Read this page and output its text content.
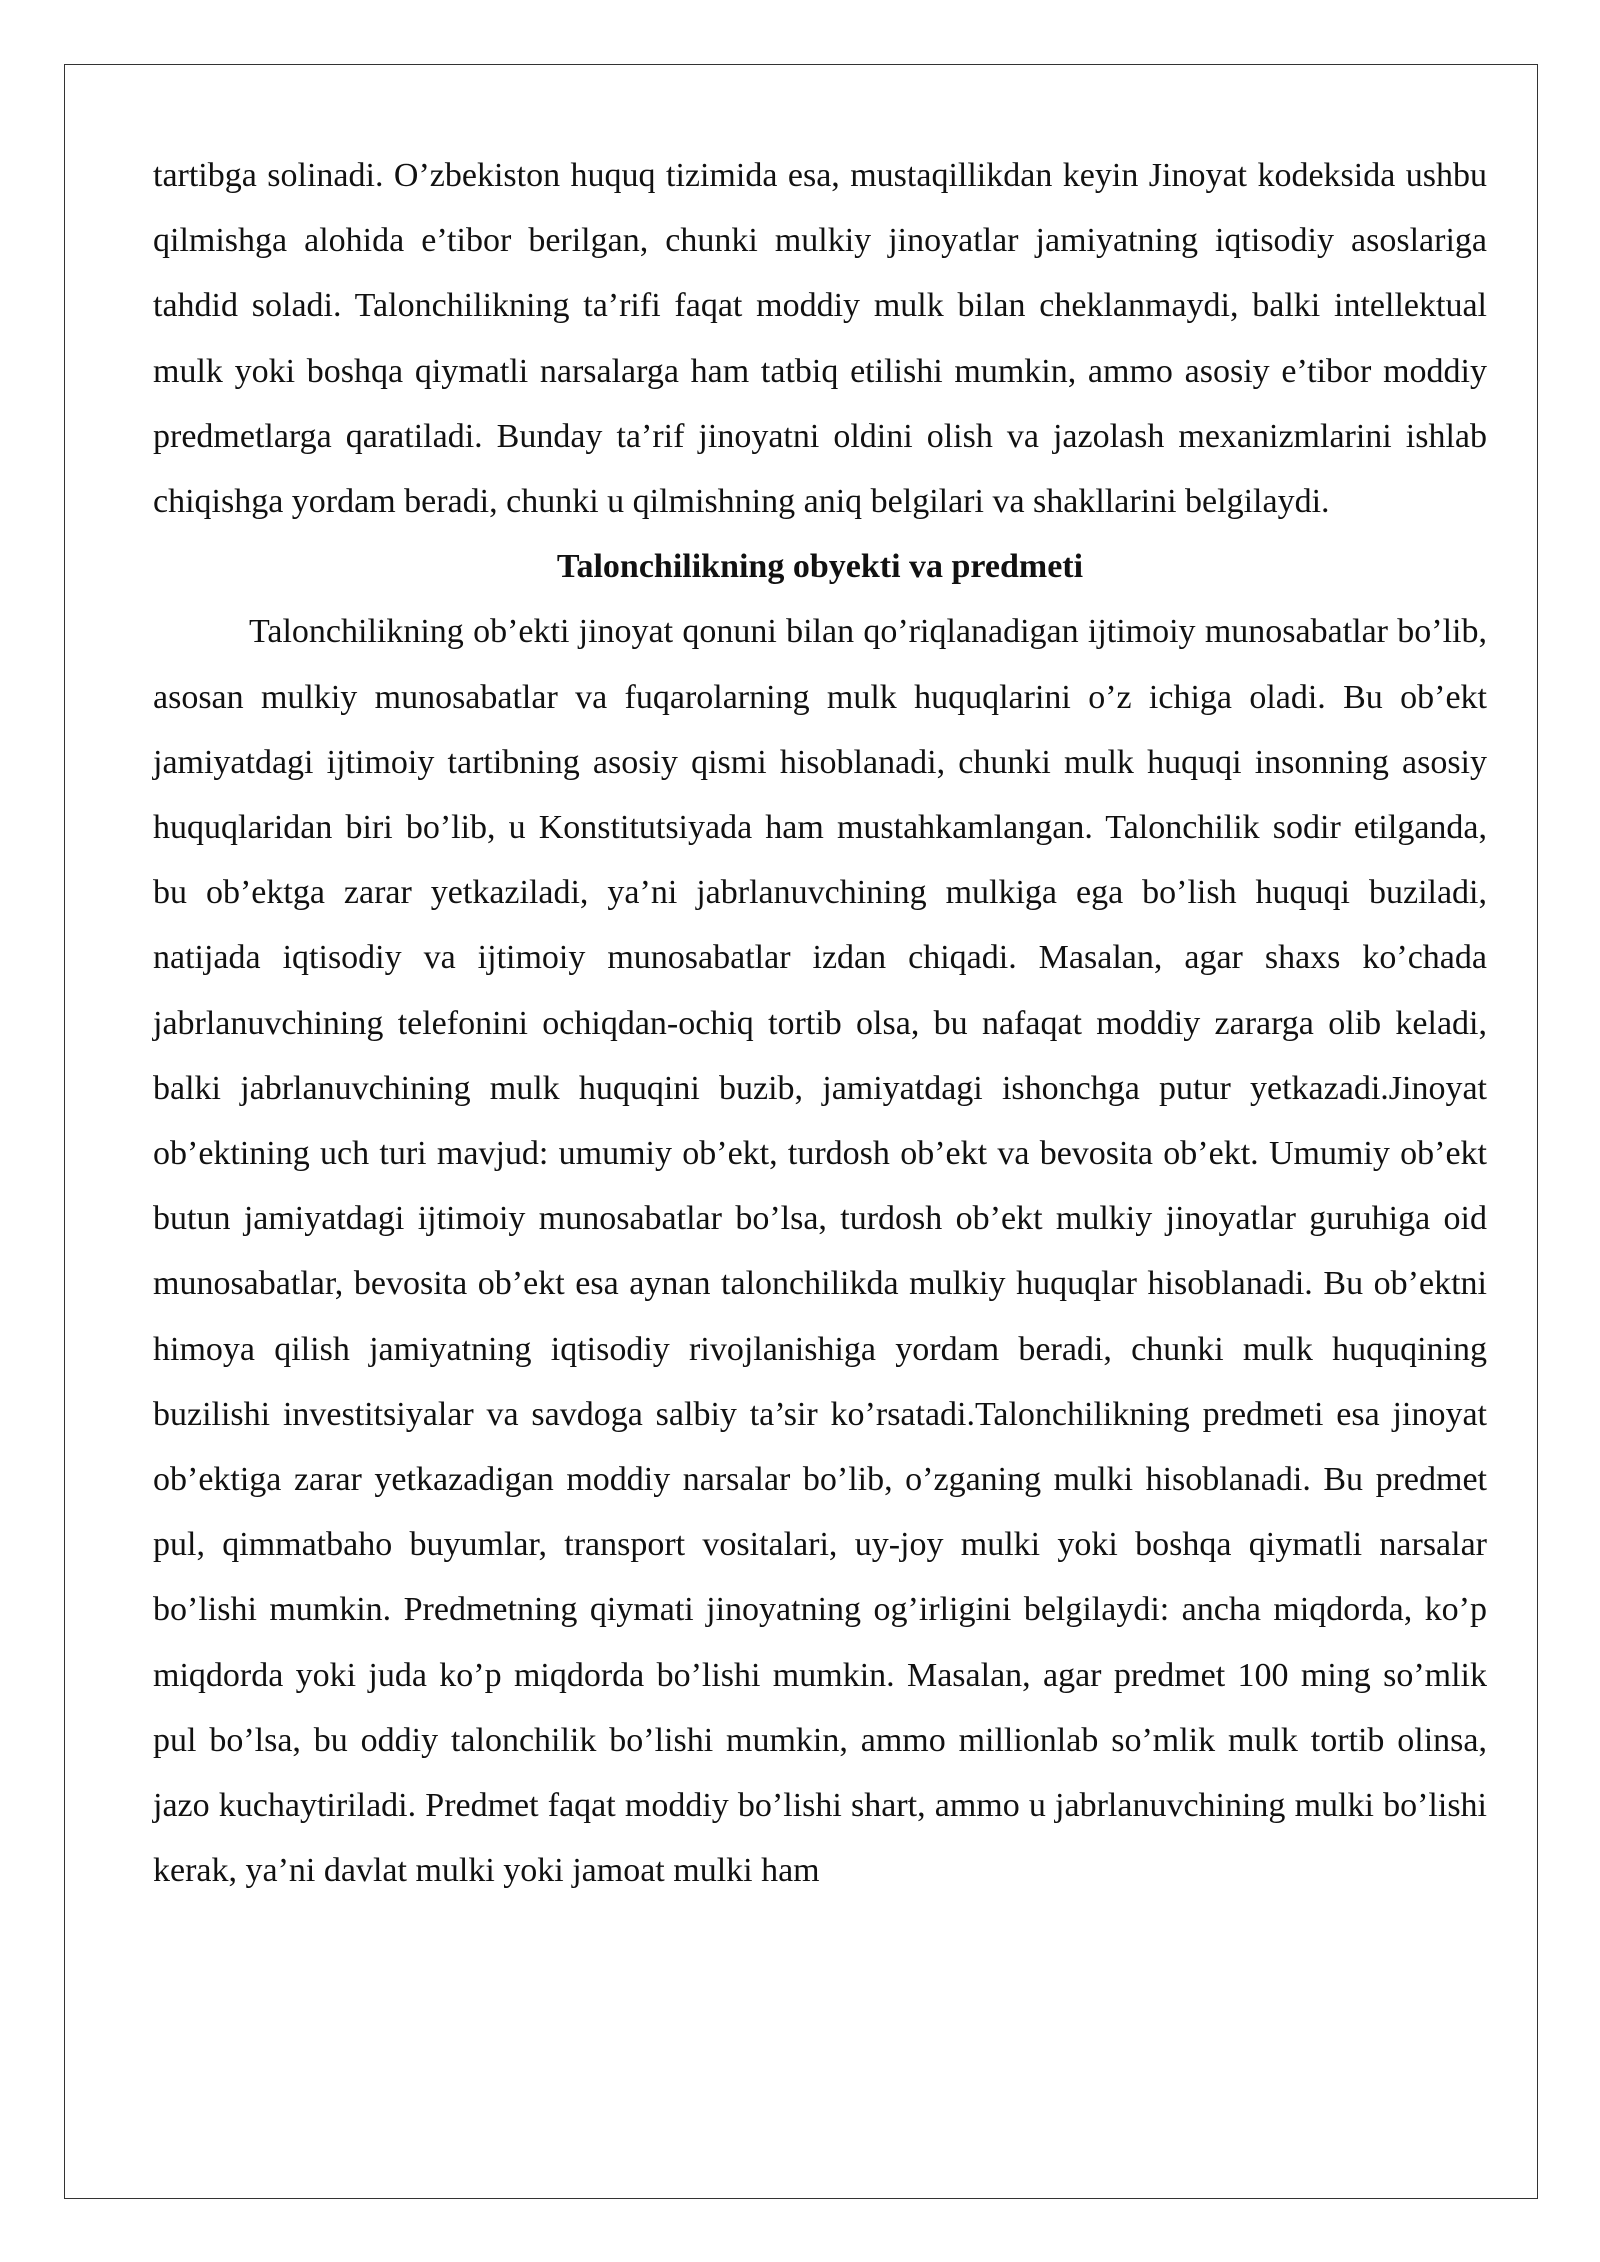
tartibga solinadi. O’zbekiston huquq tizimida esa, mustaqillikdan keyin Jinoyat kodeksida ushbu qilmishga alohida e’tibor berilgan, chunki mulkiy jinoyatlar jamiyatning iqtisodiy asoslariga tahdid soladi. Talonchilikning ta’rifi faqat moddiy mulk bilan cheklanmaydi, balki intellektual mulk yoki boshqa qiymatli narsalarga ham tatbiq etilishi mumkin, ammo asosiy e’tibor moddiy predmetlarga qaratiladi. Bunday ta’rif jinoyatni oldini olish va jazolash mexanizmlarini ishlab chiqishga yordam beradi, chunki u qilmishning aniq belgilari va shakllarini belgilaydi.

Talonchilikning obyekti va predmeti

Talonchilikning ob’ekti jinoyat qonuni bilan qo’riqlanadigan ijtimoiy munosabatlar bo’lib, asosan mulkiy munosabatlar va fuqarolarning mulk huquqlarini o’z ichiga oladi. Bu ob’ekt jamiyatdagi ijtimoiy tartibning asosiy qismi hisoblanadi, chunki mulk huquqi insonning asosiy huquqlaridan biri bo’lib, u Konstitutsiyada ham mustahkamlangan. Talonchilik sodir etilganda, bu ob’ektga zarar yetkaziladi, ya’ni jabrlanuvchining mulkiga ega bo’lish huquqi buziladi, natijada iqtisodiy va ijtimoiy munosabatlar izdan chiqadi. Masalan, agar shaxs ko’chada jabrlanuvchining telefonini ochiqdan-ochiq tortib olsa, bu nafaqat moddiy zararga olib keladi, balki jabrlanuvchining mulk huquqini buzib, jamiyatdagi ishonchga putur yetkazadi.Jinoyat ob’ektining uch turi mavjud: umumiy ob’ekt, turdosh ob’ekt va bevosita ob’ekt. Umumiy ob’ekt butun jamiyatdagi ijtimoiy munosabatlar bo’lsa, turdosh ob’ekt mulkiy jinoyatlar guruhiga oid munosabatlar, bevosita ob’ekt esa aynan talonchilikda mulkiy huquqlar hisoblanadi. Bu ob’ektni himoya qilish jamiyatning iqtisodiy rivojlanishiga yordam beradi, chunki mulk huquqining buzilishi investitsiyalar va savdoga salbiy ta’sir ko’rsatadi.Talonchilikning predmeti esa jinoyat ob’ektiga zarar yetkazadigan moddiy narsalar bo’lib, o’zganing mulki hisoblanadi. Bu predmet pul, qimmatbaho buyumlar, transport vositalari, uy-joy mulki yoki boshqa qiymatli narsalar bo’lishi mumkin. Predmetning qiymati jinoyatning og’irligini belgilaydi: ancha miqdorda, ko’p miqdorda yoki juda ko’p miqdorda bo’lishi mumkin. Masalan, agar predmet 100 ming so’mlik pul bo’lsa, bu oddiy talonchilik bo’lishi mumkin, ammo millionlab so’mlik mulk tortib olinsa, jazo kuchaytiriladi. Predmet faqat moddiy bo’lishi shart, ammo u jabrlanuvchining mulki bo’lishi kerak, ya’ni davlat mulki yoki jamoat mulki ham
